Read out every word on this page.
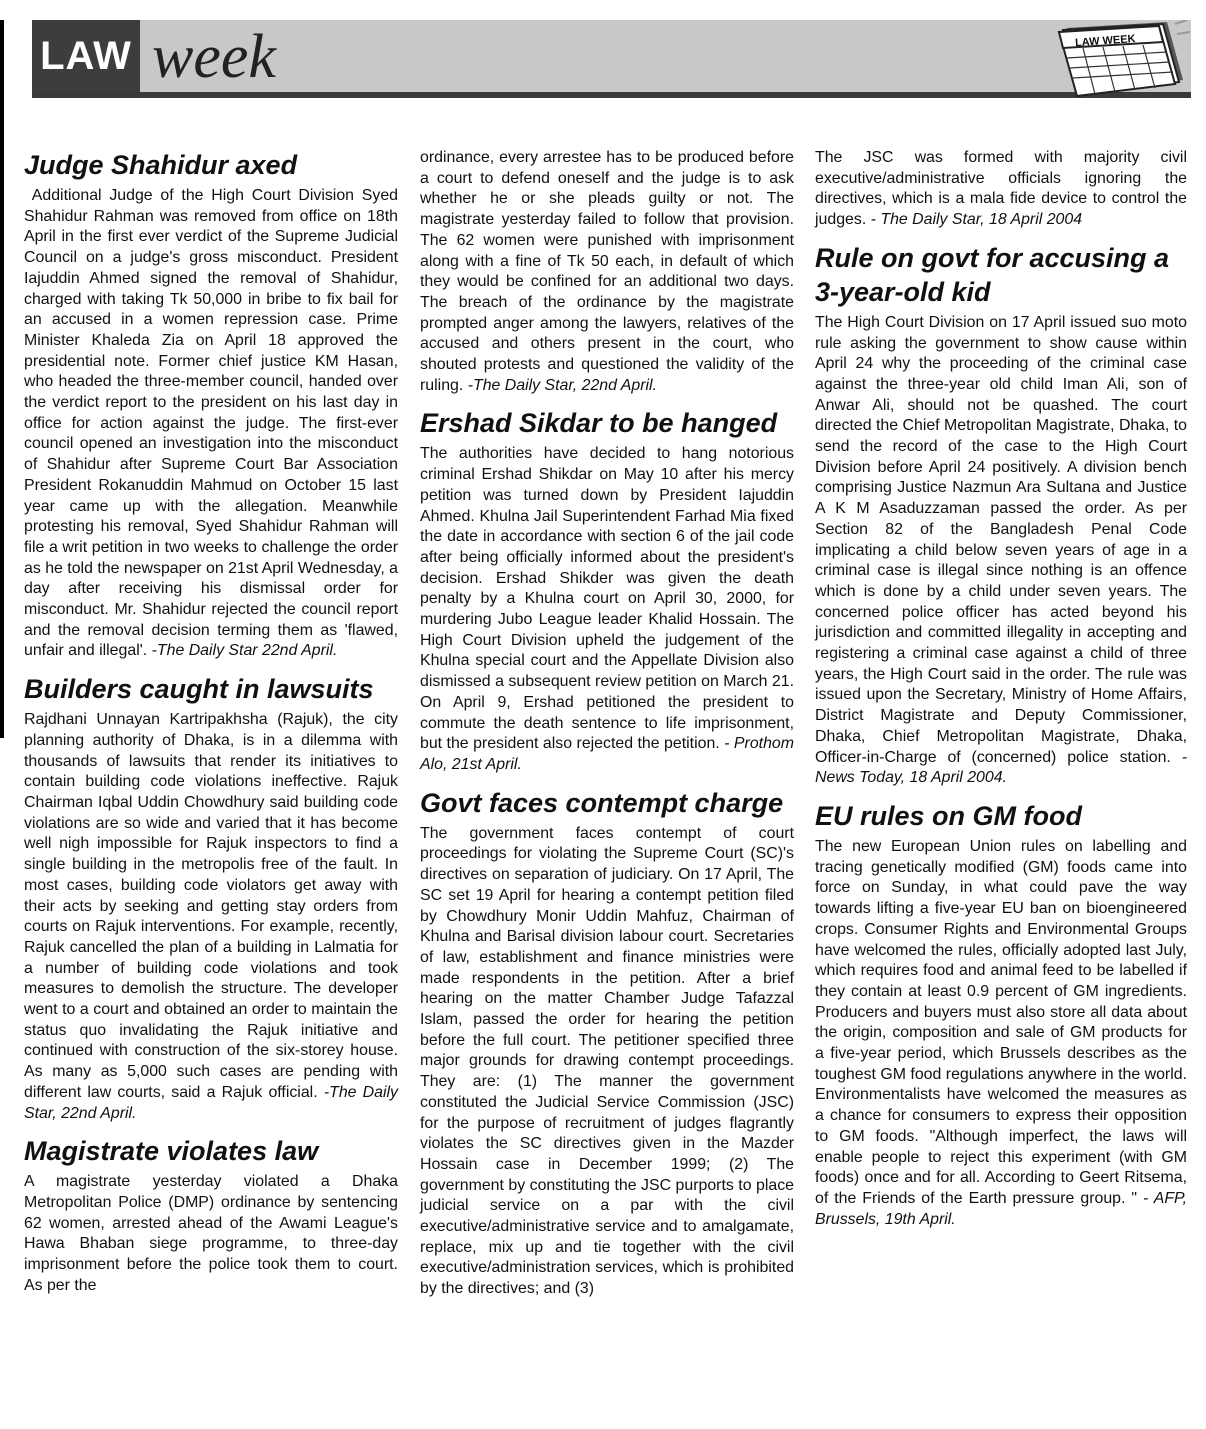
LAW week	LAW WEEK
Judge Shahidur axed

Additional Judge of the High Court Division Syed Shahidur Rahman was removed from office on 18th April in the first ever verdict of the Supreme Judicial Council on a judge's gross misconduct. President Iajuddin Ahmed signed the removal of Shahidur, charged with taking Tk 50,000 in bribe to fix bail for an accused in a women repression case. Prime Minister Khaleda Zia on April 18 approved the presidential note. Former chief justice KM Hasan, who headed the three-member council, handed over the verdict report to the president on his last day in office for action against the judge. The first-ever council opened an investigation into the misconduct of Shahidur after Supreme Court Bar Association President Rokanuddin Mahmud on October 15 last year came up with the allegation. Meanwhile protesting his removal, Syed Shahidur Rahman will file a writ petition in two weeks to challenge the order as he told the newspaper on 21st April Wednesday, a day after receiving his dismissal order for misconduct. Mr. Shahidur rejected the council report and the removal decision terming them as 'flawed, unfair and illegal'. -The Daily Star 22nd April.

Builders caught in lawsuits

Rajdhani Unnayan Kartripakhsha (Rajuk), the city planning authority of Dhaka, is in a dilemma with thousands of lawsuits that render its initiatives to contain building code violations ineffective. Rajuk Chairman Iqbal Uddin Chowdhury said building code violations are so wide and varied that it has become well nigh impossible for Rajuk inspectors to find a single building in the metropolis free of the fault. In most cases, building code violators get away with their acts by seeking and getting stay orders from courts on Rajuk interventions. For example, recently, Rajuk cancelled the plan of a building in Lalmatia for a number of building code violations and took measures to demolish the structure. The developer went to a court and obtained an order to maintain the status quo invalidating the Rajuk initiative and continued with construction of the six-storey house. As many as 5,000 such cases are pending with different law courts, said a Rajuk official. -The Daily Star, 22nd April.

Magistrate violates law

A magistrate yesterday violated a Dhaka Metropolitan Police (DMP) ordinance by sentencing 62 women, arrested ahead of the Awami League's Hawa Bhaban siege programme, to three-day imprisonment before the police took them to court. As per the

ordinance, every arrestee has to be produced before a court to defend oneself and the judge is to ask whether he or she pleads guilty or not. The magistrate yesterday failed to follow that provision. The 62 women were punished with imprisonment along with a fine of Tk 50 each, in default of which they would be confined for an additional two days. The breach of the ordinance by the magistrate prompted anger among the lawyers, relatives of the accused and others present in the court, who shouted protests and questioned the validity of the ruling. -The Daily Star, 22nd April.

Ershad Sikdar to be hanged

The authorities have decided to hang notorious criminal Ershad Shikdar on May 10 after his mercy petition was turned down by President Iajuddin Ahmed. Khulna Jail Superintendent Farhad Mia fixed the date in accordance with section 6 of the jail code after being officially informed about the president's decision. Ershad Shikder was given the death penalty by a Khulna court on April 30, 2000, for murdering Jubo League leader Khalid Hossain. The High Court Division upheld the judgement of the Khulna special court and the Appellate Division also dismissed a subsequent review petition on March 21. On April 9, Ershad petitioned the president to commute the death sentence to life imprisonment, but the president also rejected the petition. - Prothom Alo, 21st April.

Govt faces contempt charge

The government faces contempt of court proceedings for violating the Supreme Court (SC)'s directives on separation of judiciary. On 17 April, The SC set 19 April for hearing a contempt petition filed by Chowdhury Monir Uddin Mahfuz, Chairman of Khulna and Barisal division labour court. Secretaries of law, establishment and finance ministries were made respondents in the petition. After a brief hearing on the matter Chamber Judge Tafazzal Islam, passed the order for hearing the petition before the full court. The petitioner specified three major grounds for drawing contempt proceedings. They are: (1) The manner the government constituted the Judicial Service Commission (JSC) for the purpose of recruitment of judges flagrantly violates the SC directives given in the Mazder Hossain case in December 1999; (2) The government by constituting the JSC purports to place judicial service on a par with the civil executive/administrative service and to amalgamate, replace, mix up and tie together with the civil executive/administration services, which is prohibited by the directives; and (3)

The JSC was formed with majority civil executive/administrative officials ignoring the directives, which is a mala fide device to control the judges. - The Daily Star, 18 April 2004

Rule on govt for accusing a 3-year-old kid

The High Court Division on 17 April issued suo moto rule asking the government to show cause within April 24 why the proceeding of the criminal case against the three-year old child Iman Ali, son of Anwar Ali, should not be quashed. The court directed the Chief Metropolitan Magistrate, Dhaka, to send the record of the case to the High Court Division before April 24 positively. A division bench comprising Justice Nazmun Ara Sultana and Justice A K M Asaduzzaman passed the order. As per Section 82 of the Bangladesh Penal Code implicating a child below seven years of age in a criminal case is illegal since nothing is an offence which is done by a child under seven years. The concerned police officer has acted beyond his jurisdiction and committed illegality in accepting and registering a criminal case against a child of three years, the High Court said in the order. The rule was issued upon the Secretary, Ministry of Home Affairs, District Magistrate and Deputy Commissioner, Dhaka, Chief Metropolitan Magistrate, Dhaka, Officer-in-Charge of (concerned) police station. - News Today, 18 April 2004.

EU rules on GM food

The new European Union rules on labelling and tracing genetically modified (GM) foods came into force on Sunday, in what could pave the way towards lifting a five-year EU ban on bioengineered crops. Consumer Rights and Environmental Groups have welcomed the rules, officially adopted last July, which requires food and animal feed to be labelled if they contain at least 0.9 percent of GM ingredients. Producers and buyers must also store all data about the origin, composition and sale of GM products for a five-year period, which Brussels describes as the toughest GM food regulations anywhere in the world. Environmentalists have welcomed the measures as a chance for consumers to express their opposition to GM foods. "Although imperfect, the laws will enable people to reject this experiment (with GM foods) once and for all. According to Geert Ritsema, of the Friends of the Earth pressure group. " - AFP, Brussels, 19th April.
